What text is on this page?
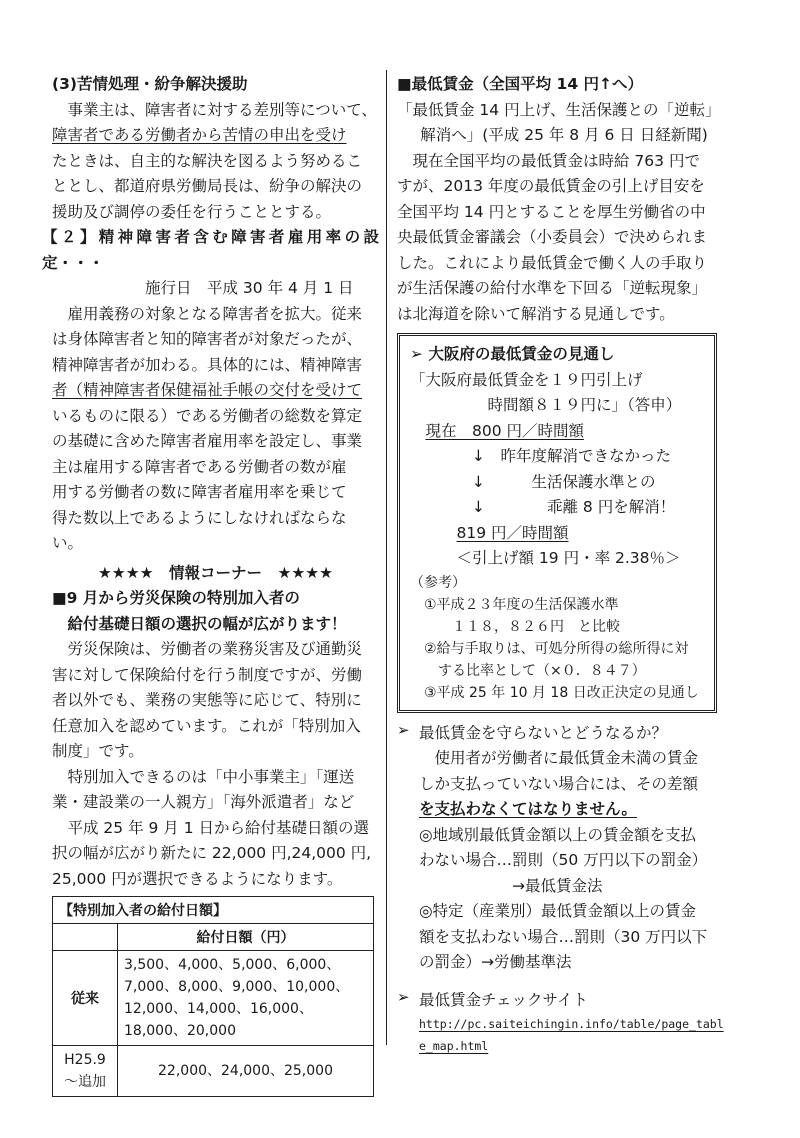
(3)苦情処理・紛争解決援助

事業主は、障害者に対する差別等について、

障害者である労働者から苦情の申出を受け

たときは、自主的な解決を図るよう努めるこ

ととし、都道府県労働局長は、紛争の解決の

援助及び調停の委任を行うこととする。

【２】精神障害者含む障害者雇用率の設定・・・

施行日　平成 30 年 4 月 1 日

雇用義務の対象となる障害者を拡大。従来

は身体障害者と知的障害者が対象だったが、

精神障害者が加わる。具体的には、精神障害

者（精神障害者保健福祉手帳の交付を受けて

いるものに限る）である労働者の総数を算定

の基礎に含めた障害者雇用率を設定し、事業

主は雇用する障害者である労働者の数が雇

用する労働者の数に障害者雇用率を乗じて

得た数以上であるようにしなければならな

い。

★★★★　情報コーナー　★★★★

■9 月から労災保険の特別加入者の

給付基礎日額の選択の幅が広がります！

労災保険は、労働者の業務災害及び通勤災

害に対して保険給付を行う制度ですが、労働

者以外でも、業務の実態等に応じて、特別に

任意加入を認めています。これが「特別加入

制度」です。

特別加入できるのは「中小事業主」「運送

業・建設業の一人親方」「海外派遣者」など

平成 25 年 9 月 1 日から給付基礎日額の選

択の幅が広がり新たに 22,000 円,24,000 円,

25,000 円が選択できるようになります。

【特別加入者の給付日額】	
	給付日額（円）
従来	3,500、4,000、5,000、6,000、
7,000、8,000、9,000、10,000、
12,000、14,000、16,000、
18,000、20,000

H25.9
～追加	22,000、24,000、25,000

■最低賃金（全国平均 14 円↑へ）

「最低賃金 14 円上げ、生活保護との「逆転」

解消へ」(平成 25 年 8 月 6 日 日経新聞)

現在全国平均の最低賃金は時給 763 円で

すが、2013 年度の最低賃金の引上げ目安を

全国平均 14 円とすることを厚生労働省の中

央最低賃金審議会（小委員会）で決められま

した。これにより最低賃金で働く人の手取り

が生活保護の給付水準を下回る「逆転現象」

は北海道を除いて解消する見通しです。

➢ 大阪府の最低賃金の見通し

「大阪府最低賃金を１９円引上げ

時間額８１９円に」（答申）

現在　800 円／時間額

↓　昨年度解消できなかった

↓　　　生活保護水準との

↓　　　　乖離 8 円を解消！

819 円／時間額

＜引上げ額 19 円・率 2.38％＞

（参考）

①平成２３年度の生活保護水準

１１８，８２６円　と比較

②給与手取りは、可処分所得の総所得に対

する比率として（×０．８４７）

③平成 25 年 10 月 18 日改正決定の見通し

➢ 最低賃金を守らないとどうなるか？

使用者が労働者に最低賃金未満の賃金

しか支払っていない場合には、その差額

を支払わなくてはなりません。

◎地域別最低賃金額以上の賃金額を支払

わない場合…罰則（50 万円以下の罰金）

→最低賃金法

◎特定（産業別）最低賃金額以上の賃金

額を支払わない場合…罰則（30 万円以下

の罰金）→労働基準法

➢ 最低賃金チェックサイト

http://pc.saiteichingin.info/table/page_tabl
e_map.html
